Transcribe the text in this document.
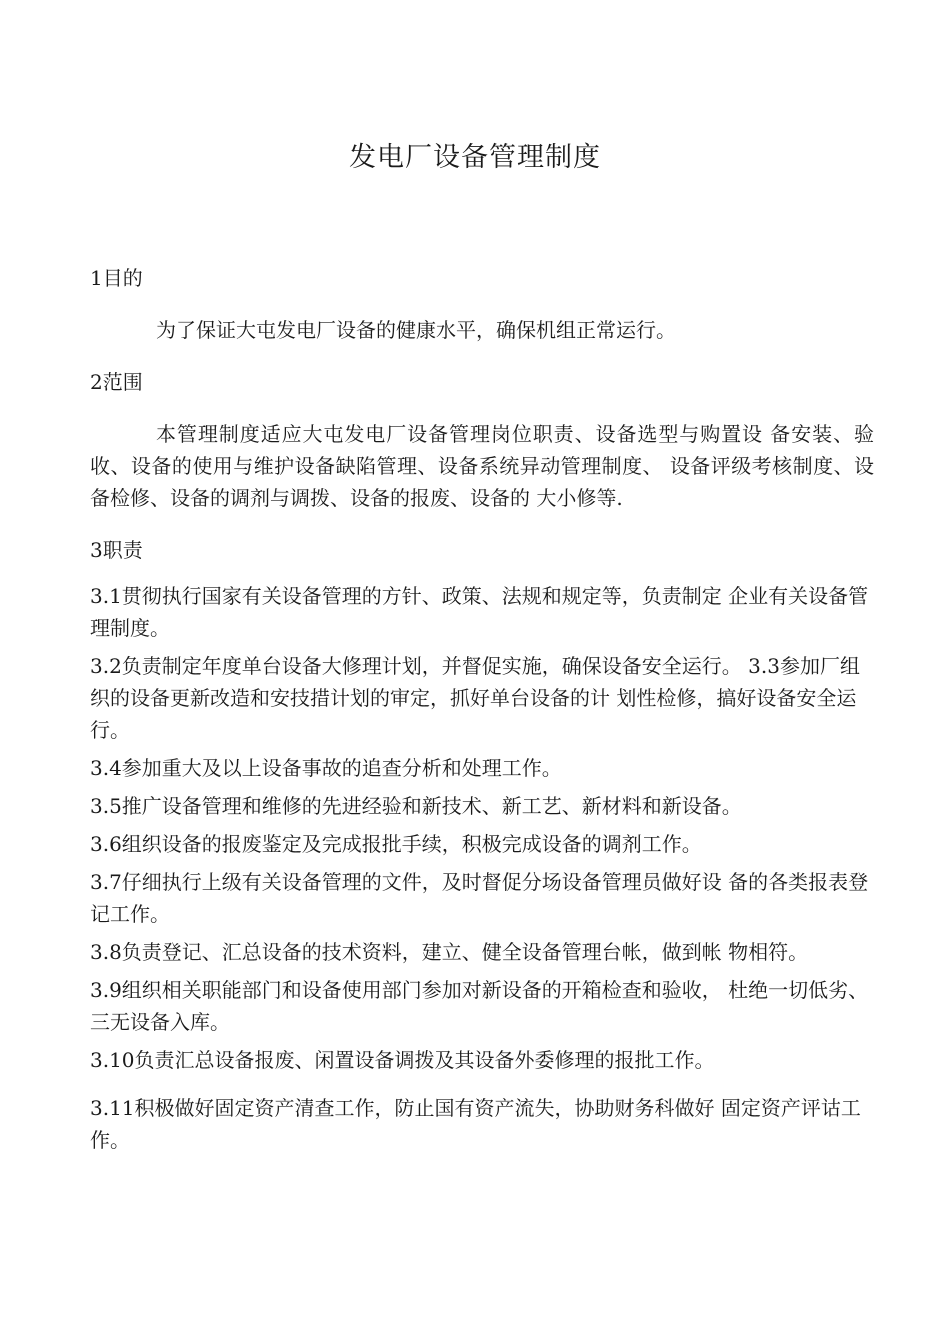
发电厂设备管理制度
1目的
为了保证大屯发电厂设备的健康水平，确保机组正常运行。
2范围
本管理制度适应大屯发电厂设备管理岗位职责、设备选型与购置设 备安装、验收、设备的使用与维护设备缺陷管理、设备系统异动管理制度、 设备评级考核制度、设备检修、设备的调剂与调拨、设备的报废、设备的 大小修等.
3职责
3.1贯彻执行国家有关设备管理的方针、政策、法规和规定等，负责制定 企业有关设备管理制度。
3.2负责制定年度单台设备大修理计划，并督促实施，确保设备安全运行。 3.3参加厂组织的设备更新改造和安技措计划的审定，抓好单台设备的计 划性检修，搞好设备安全运行。
3.4参加重大及以上设备事故的追查分析和处理工作。
3.5推广设备管理和维修的先进经验和新技术、新工艺、新材料和新设备。
3.6组织设备的报废鉴定及完成报批手续，积极完成设备的调剂工作。
3.7仔细执行上级有关设备管理的文件，及时督促分场设备管理员做好设 备的各类报表登记工作。
3.8负责登记、汇总设备的技术资料，建立、健全设备管理台帐，做到帐 物相符。
3.9组织相关职能部门和设备使用部门参加对新设备的开箱检查和验收， 杜绝一切低劣、三无设备入库。
3.10负责汇总设备报废、闲置设备调拨及其设备外委修理的报批工作。
3.11积极做好固定资产清查工作，防止国有资产流失，协助财务科做好 固定资产评诂工作。
